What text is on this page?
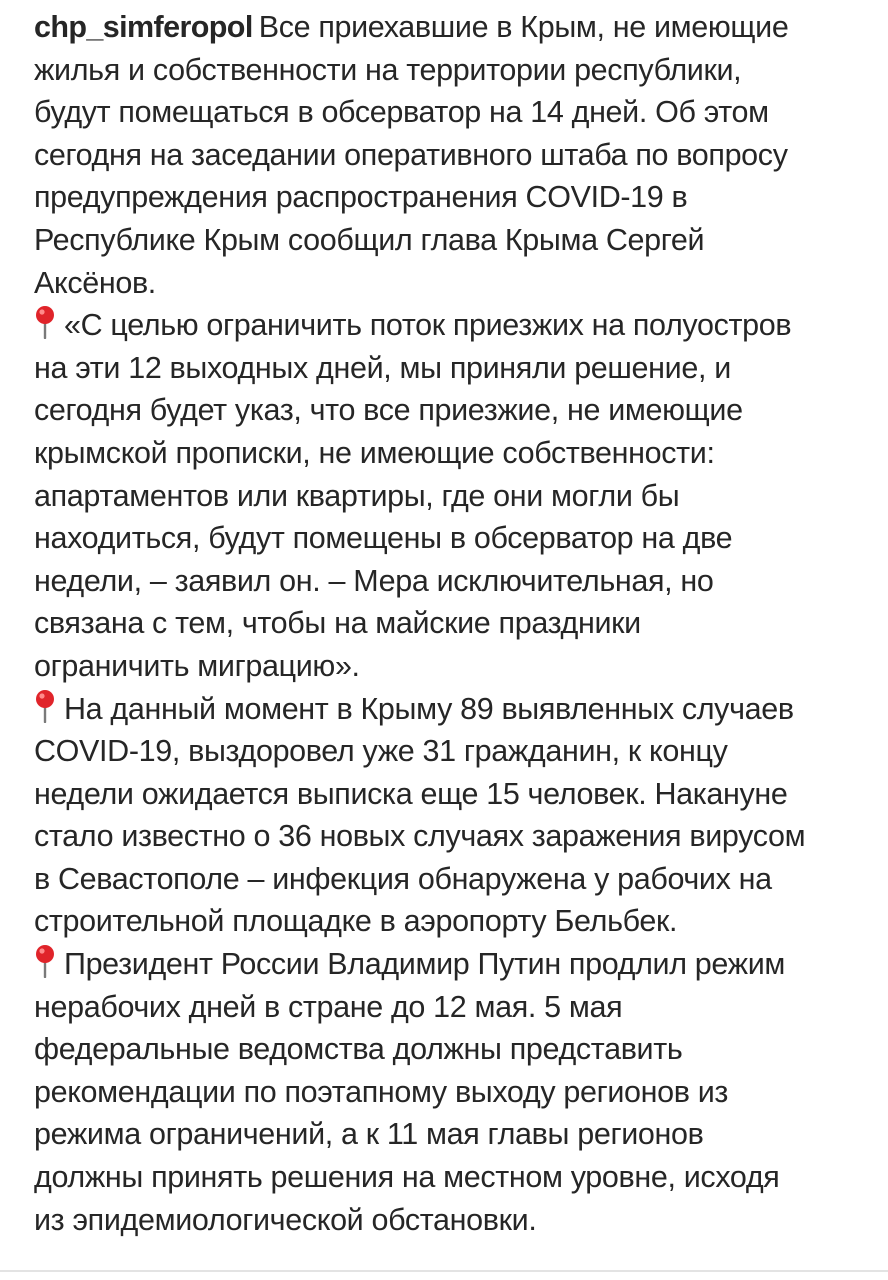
chp_simferopol Все приехавшие в Крым, не имеющие
жилья и собственности на территории республики,
будут помещаться в обсерватор на 14 дней. Об этом
сегодня на заседании оперативного штаба по вопросу
предупреждения распространения COVID-19 в
Республике Крым сообщил глава Крыма Сергей
Аксёнов.
«С целью ограничить поток приезжих на полуостров
на эти 12 выходных дней, мы приняли решение, и
сегодня будет указ, что все приезжие, не имеющие
крымской прописки, не имеющие собственности:
апартаментов или квартиры, где они могли бы
находиться, будут помещены в обсерватор на две
недели, – заявил он. – Мера исключительная, но
связана с тем, чтобы на майские праздники
ограничить миграцию».
На данный момент в Крыму 89 выявленных случаев
COVID-19, выздоровел уже 31 гражданин, к концу
недели ожидается выписка еще 15 человек. Накануне
стало известно о 36 новых случаях заражения вирусом
в Севастополе – инфекция обнаружена у рабочих на
строительной площадке в аэропорту Бельбек.
Президент России Владимир Путин продлил режим
нерабочих дней в стране до 12 мая. 5 мая
федеральные ведомства должны представить
рекомендации по поэтапному выходу регионов из
режима ограничений, а к 11 мая главы регионов
должны принять решения на местном уровне, исходя
из эпидемиологической обстановки.
